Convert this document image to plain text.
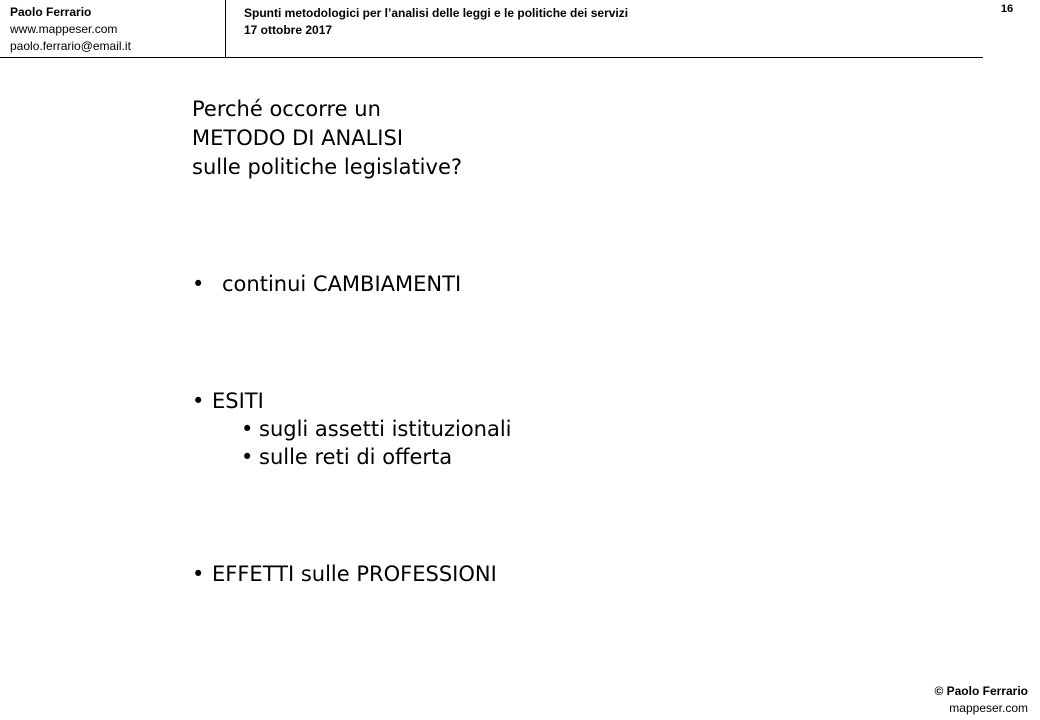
Paolo Ferrario
www.mappeser.com
paolo.ferrario@email.it
Spunti metodologici per l’analisi delle leggi e le politiche dei servizi
17 ottobre 2017
16

Perché occorre un

METODO DI ANALISI

sulle politiche legislative?

• continui CAMBIAMENTI
• ESITI
• sugli assetti istituzionali
• sulle reti di offerta
• EFFETTI sulle PROFESSIONI
© Paolo Ferrario
mappeser.com
